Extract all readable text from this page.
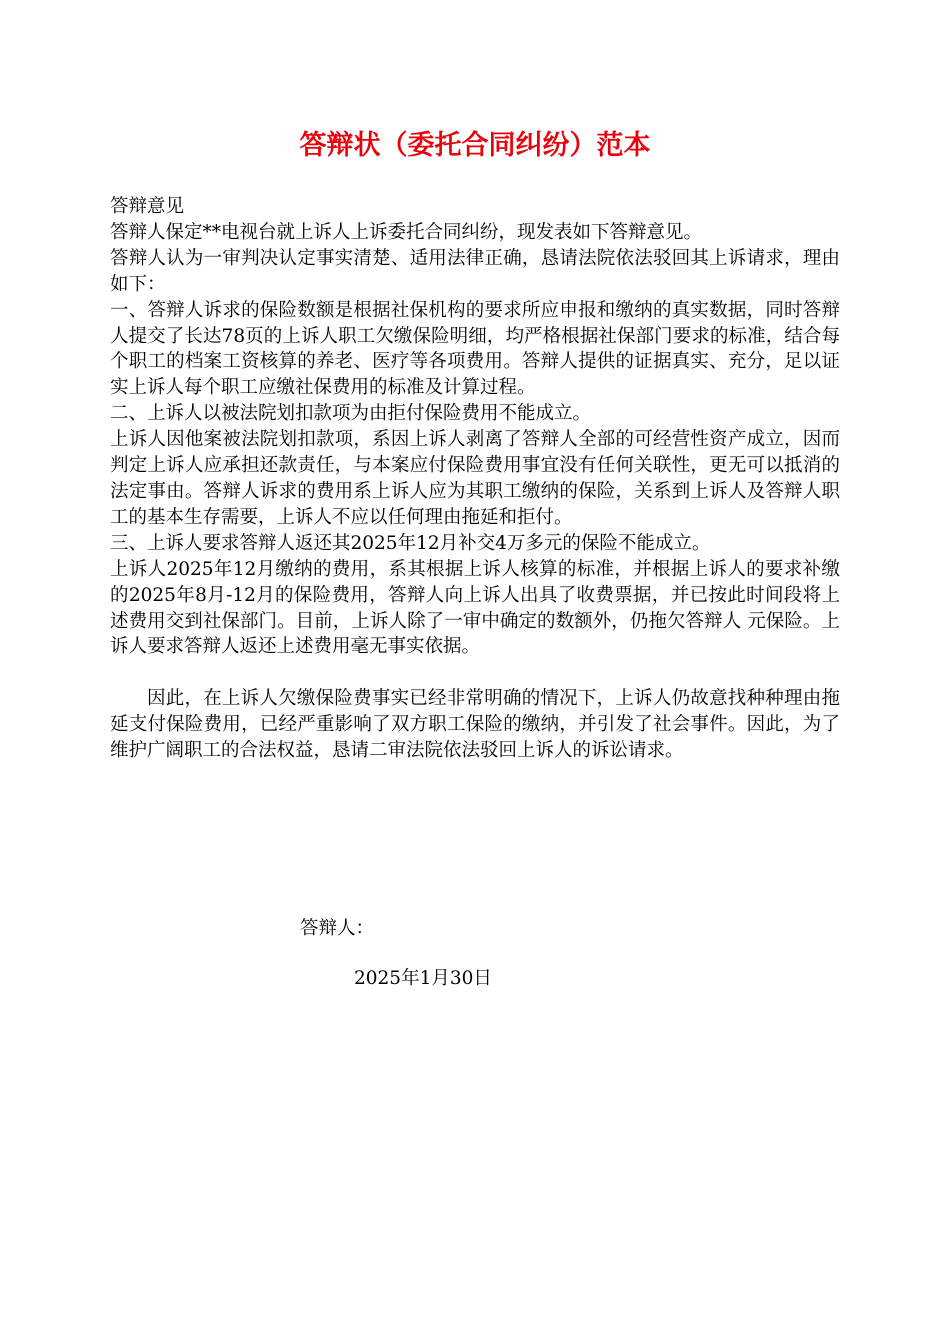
答辩状（委托合同纠纷）范本

答辩意见

答辩人保定**电视台就上诉人上诉委托合同纠纷，现发表如下答辩意见。

答辩人认为一审判决认定事实清楚、适用法律正确，恳请法院依法驳回其上诉请求，理由 如下：

一、答辩人诉求的保险数额是根据社保机构的要求所应申报和缴纳的真实数据，同时答辩人提交了长达78页的上诉人职工欠缴保险明细，均严格根据社保部门要求的标准，结合每个职工的档案工资核算的养老、医疗等各项费用。答辩人提供的证据真实、充分，足以证实上诉人每个职工应缴社保费用的标准及计算过程。

二、上诉人以被法院划扣款项为由拒付保险费用不能成立。

上诉人因他案被法院划扣款项，系因上诉人剥离了答辩人全部的可经营性资产成立，因而判定上诉人应承担还款责任，与本案应付保险费用事宜没有任何关联性，更无可以抵消的法定事由。答辩人诉求的费用系上诉人应为其职工缴纳的保险，关系到上诉人及答辩人职工的基本生存需要，上诉人不应以任何理由拖延和拒付。

三、上诉人要求答辩人返还其2025年12月补交4万多元的保险不能成立。

上诉人2025年12月缴纳的费用，系其根据上诉人核算的标准，并根据上诉人的要求补缴的2025年8月-12月的保险费用，答辩人向上诉人出具了收费票据，并已按此时间段将上述费用交到社保部门。目前，上诉人除了一审中确定的数额外，仍拖欠答辩人 元保险。上诉人要求答辩人返还上述费用毫无事实依据。

因此，在上诉人欠缴保险费事实已经非常明确的情况下，上诉人仍故意找种种理由拖延支付保险费用，已经严重影响了双方职工保险的缴纳，并引发了社会事件。因此，为了维护广阔职工的合法权益，恳请二审法院依法驳回上诉人的诉讼请求。

答辩人：
2025年1月30日
